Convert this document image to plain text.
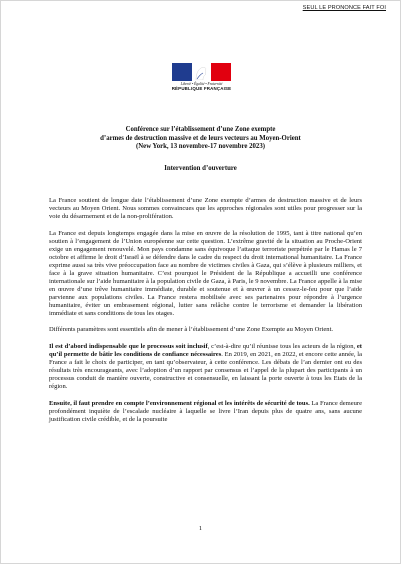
SEUL LE PRONONCE FAIT FOI
Liberté • Égalité • Fraternité
RÉPUBLIQUE FRANÇAISE
Conférence sur l’établissement d’une Zone exempte
d’armes de destruction massive et de leurs vecteurs au Moyen-Orient
(New York, 13 novembre-17 novembre 2023)
Intervention d’ouverture

La France soutient de longue date l’établissement d’une Zone exempte d’armes de destruction massive et de leurs vecteurs au Moyen Orient. Nous sommes convaincues que les approches régionales sont utiles pour progresser sur la voie du désarmement et de la non-prolifération.

La France est depuis longtemps engagée dans la mise en œuvre de la résolution de 1995, tant à titre national qu’en soutien à l’engagement de l’Union européenne sur cette question. L’extrême gravité de la situation au Proche-Orient exige un engagement renouvelé. Mon pays condamne sans équivoque l’attaque terroriste perpétrée par le Hamas le 7 octobre et affirme le droit d’Israël à se défendre dans le cadre du respect du droit international humanitaire. La France exprime aussi sa très vive préoccupation face au nombre de victimes civiles à Gaza, qui s’élève à plusieurs milliers, et face à la grave situation humanitaire. C’est pourquoi le Président de la République a accueilli une conférence internationale sur l’aide humanitaire à la population civile de Gaza, à Paris, le 9 novembre. La France appelle à la mise en œuvre d’une trêve humanitaire immédiate, durable et soutenue et à œuvrer à un cessez-le-feu pour que l’aide parvienne aux populations civiles. La France restera mobilisée avec ses partenaires pour répondre à l’urgence humanitaire, éviter un embrasement régional, lutter sans relâche contre le terrorisme et demander la libération immédiate et sans conditions de tous les otages.

Différents paramètres sont essentiels afin de mener à l’établissement d’une Zone Exempte au Moyen Orient.

Il est d’abord indispensable que le processus soit inclusif, c’est-à-dire qu’il réunisse tous les acteurs de la région, et qu’il permette de bâtir les conditions de confiance nécessaires. En 2019, en 2021, en 2022, et encore cette année, la France a fait le choix de participer, en tant qu’observateur, à cette conférence. Les débats de l’an dernier ont eu des résultats très encourageants, avec l’adoption d’un rapport par consensus et l’appel de la plupart des participants à un processus conduit de manière ouverte, constructive et consensuelle, en laissant la porte ouverte à tous les Etats de la région.

Ensuite, il faut prendre en compte l’environnement régional et les intérêts de sécurité de tous. La France demeure profondément inquiète de l’escalade nucléaire à laquelle se livre l’Iran depuis plus de quatre ans, sans aucune justification civile crédible, et de la poursuite

1
